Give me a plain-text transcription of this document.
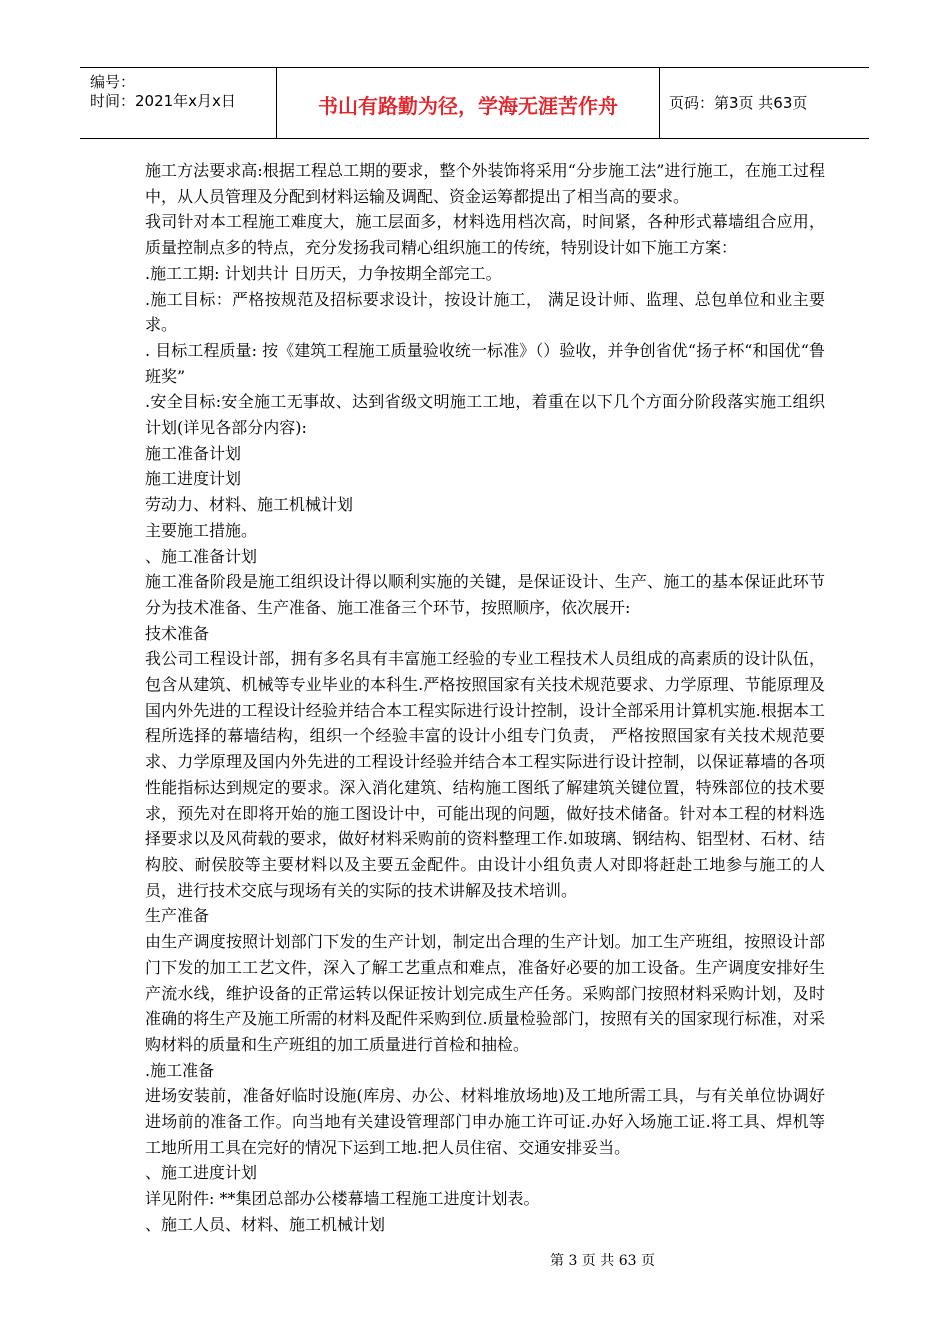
编号：
时间：2021年x月x日	书山有路勤为径，学海无涯苦作舟	页码：第3页 共63页

施工方法要求高:根据工程总工期的要求，整个外装饰将采用“分步施工法”进行施工，在施工过程中，从人员管理及分配到材料运输及调配、资金运筹都提出了相当高的要求。

我司针对本工程施工难度大，施工层面多，材料选用档次高，时间紧，各种形式幕墙组合应用，质量控制点多的特点，充分发扬我司精心组织施工的传统，特别设计如下施工方案：

.施工工期: 计划共计 日历天，力争按期全部完工。

.施工目标：严格按规范及招标要求设计，按设计施工， 满足设计师、监理、总包单位和业主要求。

. 目标工程质量: 按《建筑工程施工质量验收统一标准》（）验收，并争创省优“扬子杯“和国优“鲁班奖”

.安全目标:安全施工无事故、达到省级文明施工工地，着重在以下几个方面分阶段落实施工组织计划(详见各部分内容):

施工准备计划

施工进度计划

劳动力、材料、施工机械计划

主要施工措施。

、施工准备计划

施工准备阶段是施工组织设计得以顺利实施的关键，是保证设计、生产、施工的基本保证此环节分为技术准备、生产准备、施工准备三个环节，按照顺序，依次展开:

技术准备

我公司工程设计部，拥有多名具有丰富施工经验的专业工程技术人员组成的高素质的设计队伍，包含从建筑、机械等专业毕业的本科生.严格按照国家有关技术规范要求、力学原理、节能原理及国内外先进的工程设计经验并结合本工程实际进行设计控制，设计全部采用计算机实施.根据本工程所选择的幕墙结构，组织一个经验丰富的设计小组专门负责， 严格按照国家有关技术规范要求、力学原理及国内外先进的工程设计经验并结合本工程实际进行设计控制，以保证幕墙的各项性能指标达到规定的要求。深入消化建筑、结构施工图纸了解建筑关键位置，特殊部位的技术要求，预先对在即将开始的施工图设计中，可能出现的问题，做好技术储备。针对本工程的材料选择要求以及风荷载的要求，做好材料采购前的资料整理工作.如玻璃、钢结构、铝型材、石材、结构胶、耐侯胶等主要材料以及主要五金配件。由设计小组负责人对即将赶赴工地参与施工的人员，进行技术交底与现场有关的实际的技术讲解及技术培训。

生产准备

由生产调度按照计划部门下发的生产计划，制定出合理的生产计划。加工生产班组，按照设计部门下发的加工工艺文件，深入了解工艺重点和难点，准备好必要的加工设备。生产调度安排好生产流水线，维护设备的正常运转以保证按计划完成生产任务。采购部门按照材料采购计划，及时准确的将生产及施工所需的材料及配件采购到位.质量检验部门，按照有关的国家现行标准，对采购材料的质量和生产班组的加工质量进行首检和抽检。

.施工准备

进场安装前，准备好临时设施(库房、办公、材料堆放场地)及工地所需工具，与有关单位协调好进场前的准备工作。向当地有关建设管理部门申办施工许可证.办好入场施工证.将工具、焊机等工地所用工具在完好的情况下运到工地.把人员住宿、交通安排妥当。

、施工进度计划

详见附件: **集团总部办公楼幕墙工程施工进度计划表。

、施工人员、材料、施工机械计划

第 3 页 共 63 页
